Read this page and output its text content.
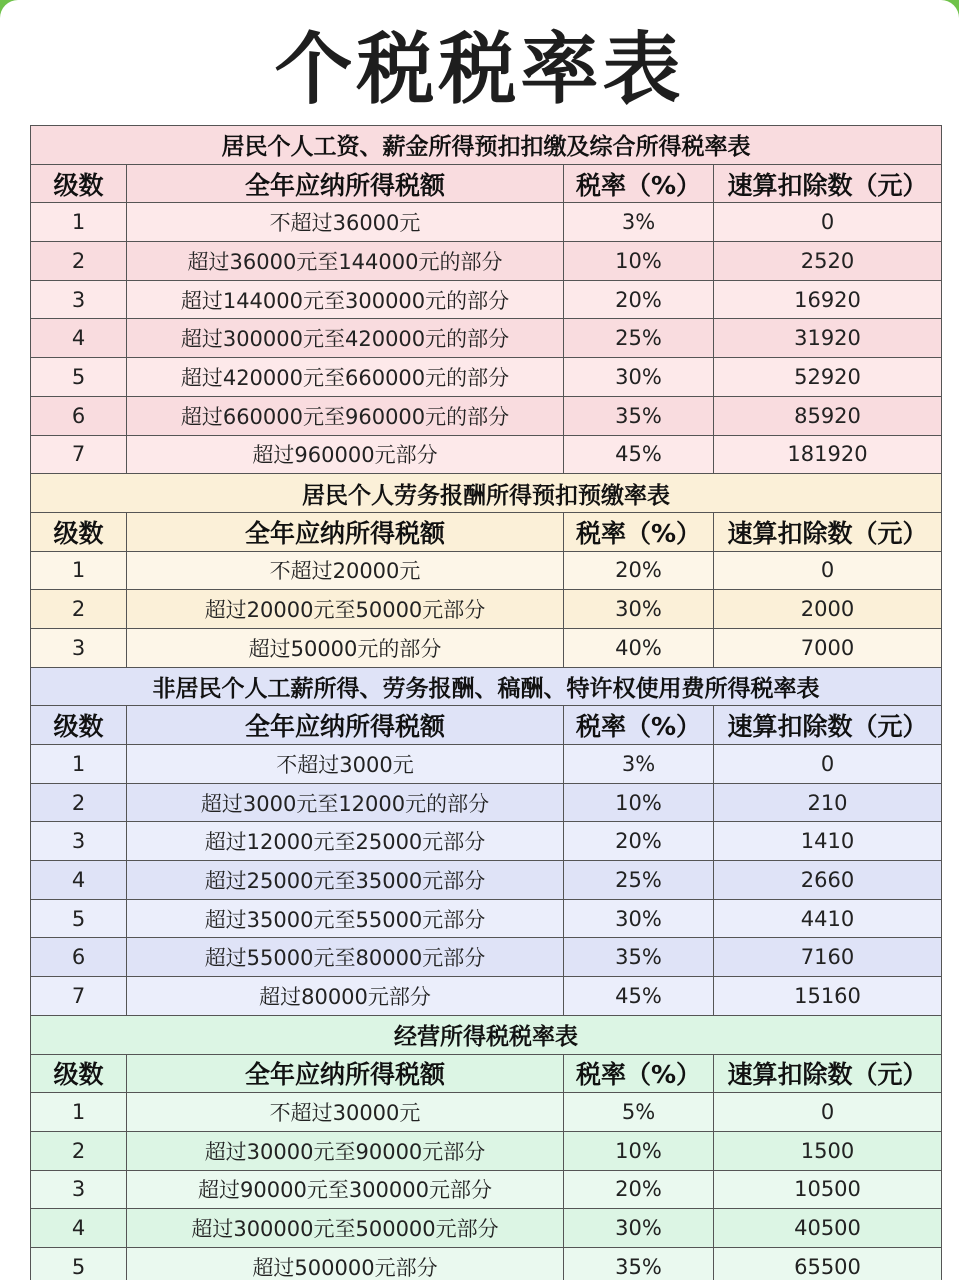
个税税率表
居民个人工资、薪金所得预扣扣缴及综合所得税率表			
级数	全年应纳所得税额	税率（%）	速算扣除数（元）
1	不超过36000元	3%	0
2	超过36000元至144000元的部分	10%	2520
3	超过144000元至300000元的部分	20%	16920
4	超过300000元至420000元的部分	25%	31920
5	超过420000元至660000元的部分	30%	52920
6	超过660000元至960000元的部分	35%	85920
7	超过960000元部分	45%	181920
居民个人劳务报酬所得预扣预缴率表			
级数	全年应纳所得税额	税率（%）	速算扣除数（元）
1	不超过20000元	20%	0
2	超过20000元至50000元部分	30%	2000
3	超过50000元的部分	40%	7000
非居民个人工薪所得、劳务报酬、稿酬、特许权使用费所得税率表			
级数	全年应纳所得税额	税率（%）	速算扣除数（元）
1	不超过3000元	3%	0
2	超过3000元至12000元的部分	10%	210
3	超过12000元至25000元部分	20%	1410
4	超过25000元至35000元部分	25%	2660
5	超过35000元至55000元部分	30%	4410
6	超过55000元至80000元部分	35%	7160
7	超过80000元部分	45%	15160
经营所得税税率表			
级数	全年应纳所得税额	税率（%）	速算扣除数（元）
1	不超过30000元	5%	0
2	超过30000元至90000元部分	10%	1500
3	超过90000元至300000元部分	20%	10500
4	超过300000元至500000元部分	30%	40500
5	超过500000元部分	35%	65500
